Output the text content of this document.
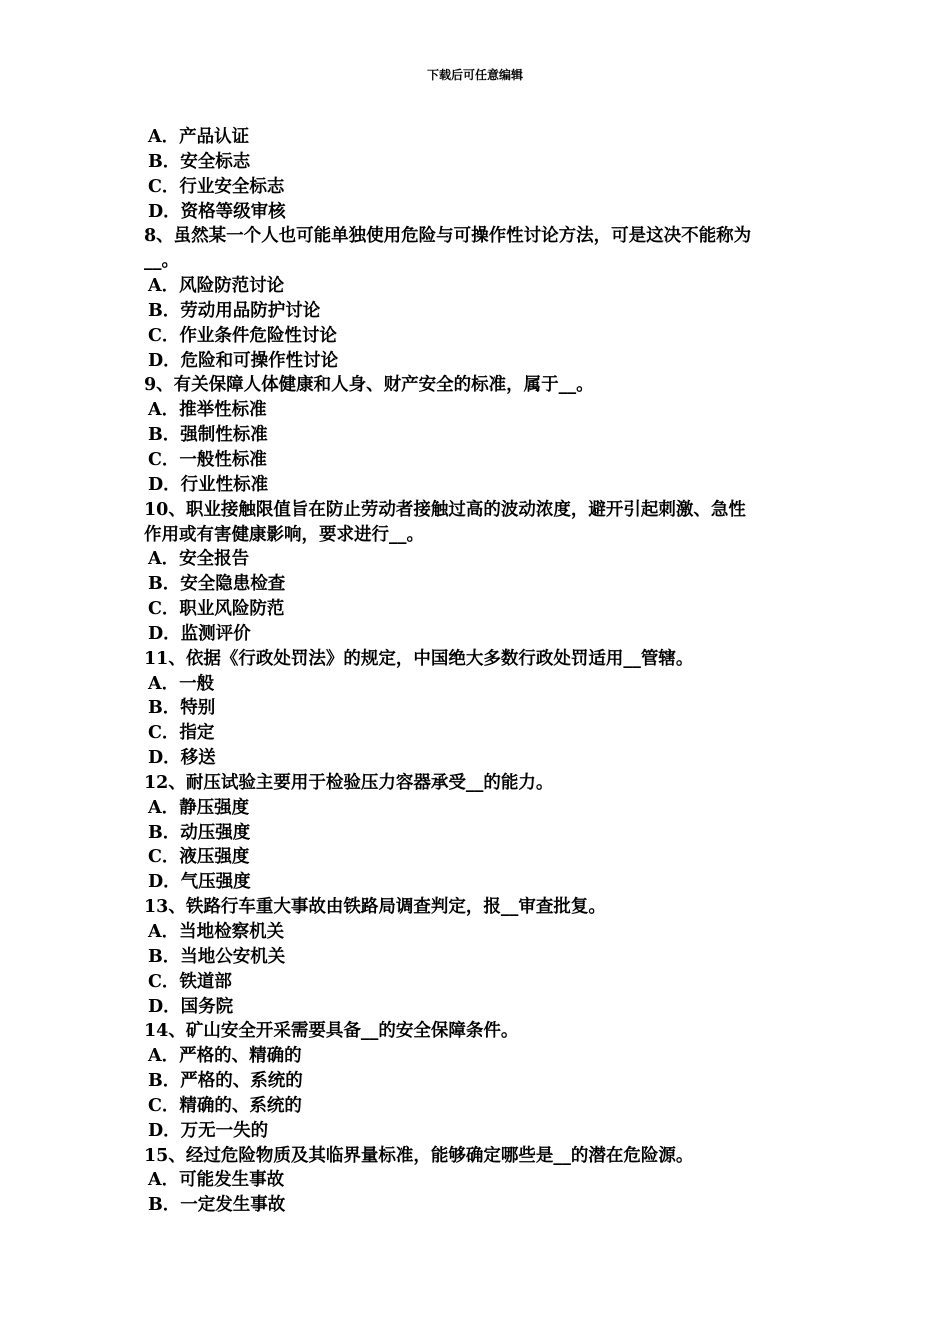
下载后可任意编辑
A．产品认证
B．安全标志
C．行业安全标志
D．资格等级审核
8、虽然某一个人也可能单独使用危险与可操作性讨论方法，可是这决不能称为
__。
A．风险防范讨论
B．劳动用品防护讨论
C．作业条件危险性讨论
D．危险和可操作性讨论
9、有关保障人体健康和人身、财产安全的标准，属于__。
A．推举性标准
B．强制性标准
C．一般性标准
D．行业性标准
10、职业接触限值旨在防止劳动者接触过高的波动浓度，避开引起刺激、急性
作用或有害健康影响，要求进行__。
A．安全报告
B．安全隐患检查
C．职业风险防范
D．监测评价
11、依据《行政处罚法》的规定，中国绝大多数行政处罚适用__管辖。
A．一般
B．特别
C．指定
D．移送
12、耐压试验主要用于检验压力容器承受__的能力。
A．静压强度
B．动压强度
C．液压强度
D．气压强度
13、铁路行车重大事故由铁路局调查判定，报__审查批复。
A．当地检察机关
B．当地公安机关
C．铁道部
D．国务院
14、矿山安全开采需要具备__的安全保障条件。
A．严格的、精确的
B．严格的、系统的
C．精确的、系统的
D．万无一失的
15、经过危险物质及其临界量标准，能够确定哪些是__的潜在危险源。
A．可能发生事故
B．一定发生事故
